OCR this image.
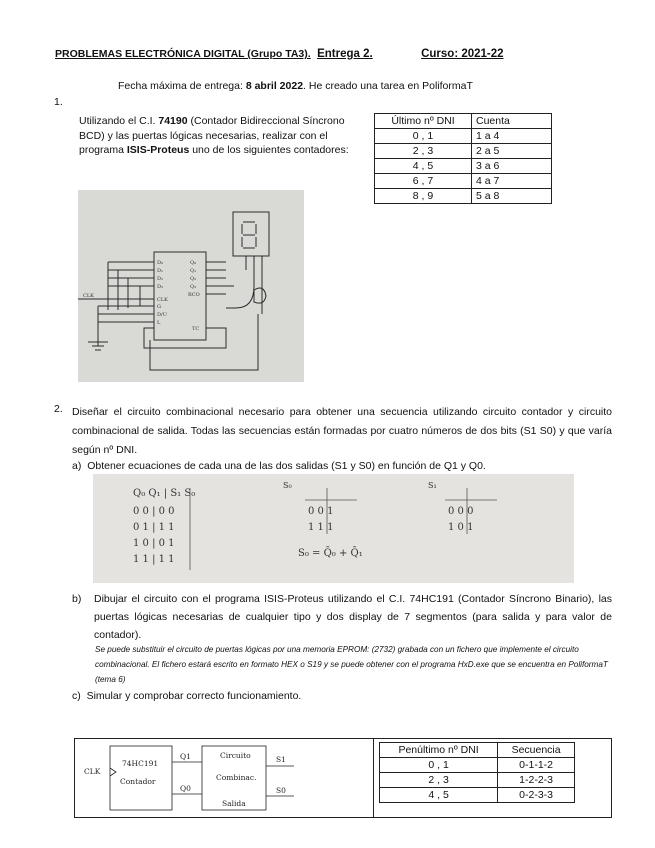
PROBLEMAS ELECTRÓNICA DIGITAL (Grupo TA3). Entrega 2.	Curso: 2021-22
Fecha máxima de entrega: 8 abril 2022. He creado una tarea en PoliformaT
1.
Utilizando el C.I. 74190 (Contador Bidireccional Síncrono BCD) y las puertas lógicas necesarias, realizar con el programa ISIS-Proteus uno de los siguientes contadores:
Último nº DNI	Cuenta
0 , 1	1 a 4
2 , 3	2 a 5
4 , 5	3 a 6
6 , 7	4 a 7
8 , 9	5 a 8
CLK
D₀
D₁
D₂
D₃
CLK
G
D/U
L
Q₀
Q₁
Q₂
Q₃
RCO
TC
2. Diseñar el circuito combinacional necesario para obtener una secuencia utilizando circuito contador y circuito combinacional de salida. Todas las secuencias están formadas por cuatro números de dos bits (S1 S0) y que varía según nº DNI.
a) Obtener ecuaciones de cada una de las dos salidas (S1 y S0) en función de Q1 y Q0.
Q₀ Q₁ | S₁ S₀
0 0 | 0 0
0 1 | 1 1
1 0 | 0 1
1 1 | 1 1
S₀
0 0 1
1 1 1
S₀ = Q̄₀ + Q̄₁
S₁
0 0 0
1 0 1
b) Dibujar el circuito con el programa ISIS-Proteus utilizando el C.I. 74HC191 (Contador Síncrono Binario), las puertas lógicas necesarias de cualquier tipo y dos display de 7 segmentos (para salida y para valor de contador).
Se puede substituir el circuito de puertas lógicas por una memoria EPROM: (2732) grabada con un fichero que implemente el circuito combinacional. El fichero estará escrito en formato HEX o S19 y se puede obtener con el programa HxD.exe que se encuentra en PoliformaT (tema 6)
c) Simular y comprobar correcto funcionamiento.
CLK
74HC191
Contador
Q1
Q0
Circuito
Combinac.
Salida
S1
S0
Penúltimo nº DNI	Secuencia
0 , 1	0-1-1-2
2 , 3	1-2-2-3
4 , 5	0-2-3-3
